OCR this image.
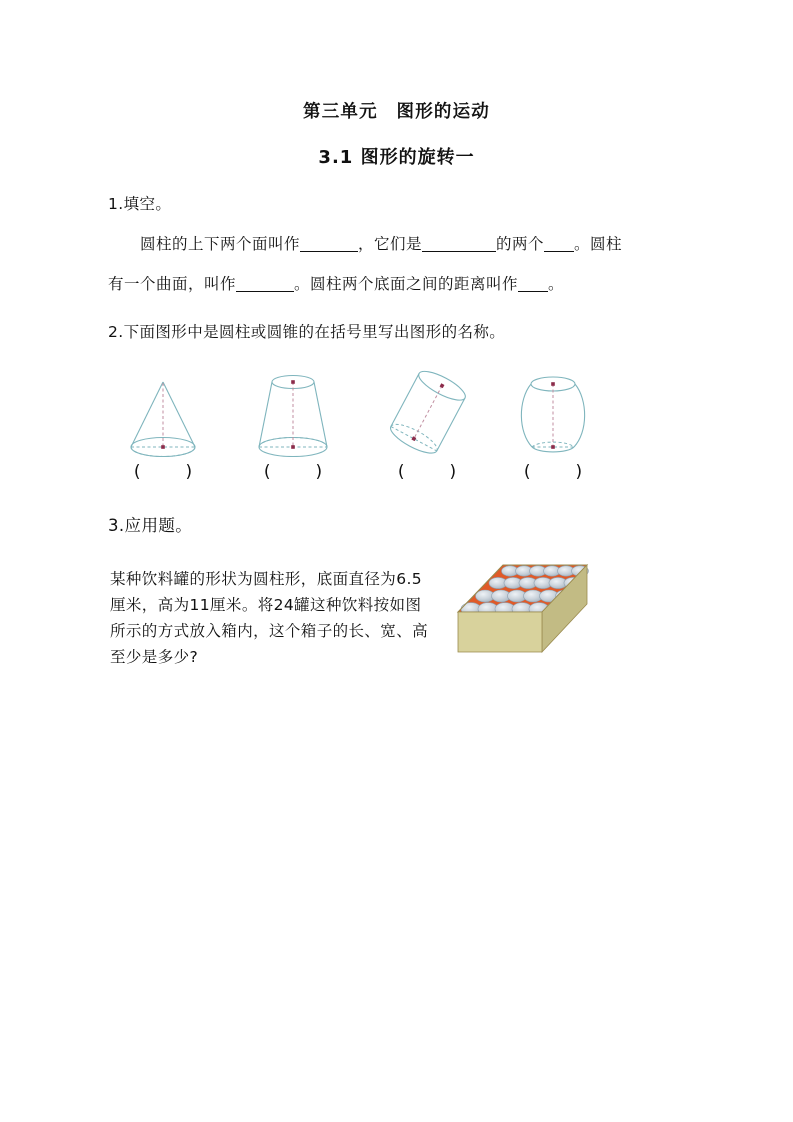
第三单元　图形的运动
3.1 图形的旋转一
1.填空。
圆柱的上下两个面叫作	，它们是	的两个 。圆柱
有一个曲面，叫作	。圆柱两个底面之间的距离叫作 。
2.下面图形中是圆柱或圆锥的在括号里写出图形的名称。
(　)	(　)	(　)	(　)
3.应用题。
某种饮料罐的形状为圆柱形，底面直径为6.5厘米，高为11厘米。将24罐这种饮料按如图所示的方式放入箱内，这个箱子的长、宽、高至少是多少?
